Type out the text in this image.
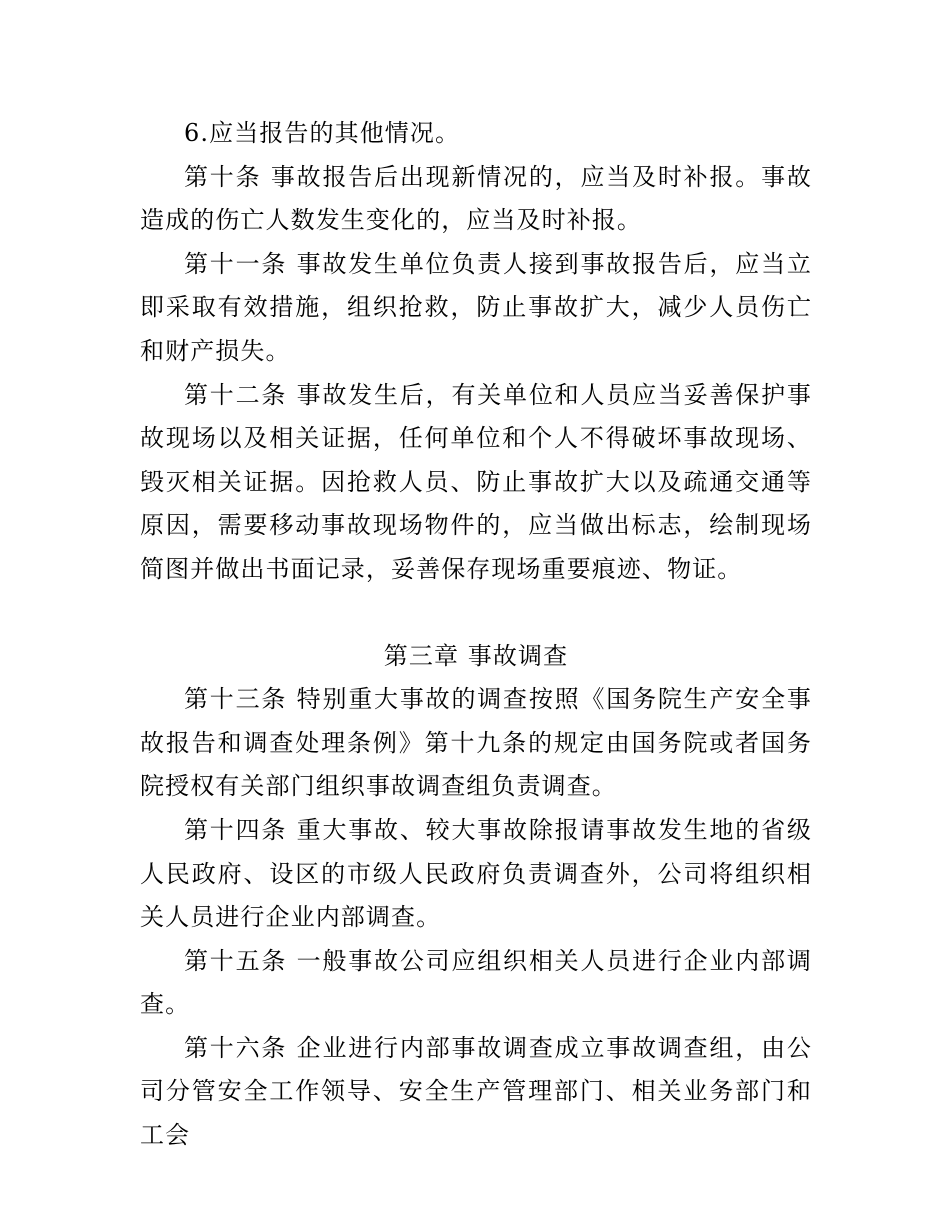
6.应当报告的其他情况。

第十条 事故报告后出现新情况的，应当及时补报。事故造成的伤亡人数发生变化的，应当及时补报。

第十一条 事故发生单位负责人接到事故报告后，应当立即采取有效措施，组织抢救，防止事故扩大，减少人员伤亡和财产损失。

第十二条 事故发生后，有关单位和人员应当妥善保护事故现场以及相关证据，任何单位和个人不得破坏事故现场、毁灭相关证据。因抢救人员、防止事故扩大以及疏通交通等原因，需要移动事故现场物件的，应当做出标志，绘制现场简图并做出书面记录，妥善保存现场重要痕迹、物证。

第三章 事故调查

第十三条 特别重大事故的调查按照《国务院生产安全事故报告和调查处理条例》第十九条的规定由国务院或者国务院授权有关部门组织事故调查组负责调查。

第十四条 重大事故、较大事故除报请事故发生地的省级人民政府、设区的市级人民政府负责调查外，公司将组织相关人员进行企业内部调查。

第十五条 一般事故公司应组织相关人员进行企业内部调查。

第十六条 企业进行内部事故调查成立事故调查组，由公司分管安全工作领导、安全生产管理部门、相关业务部门和工会
